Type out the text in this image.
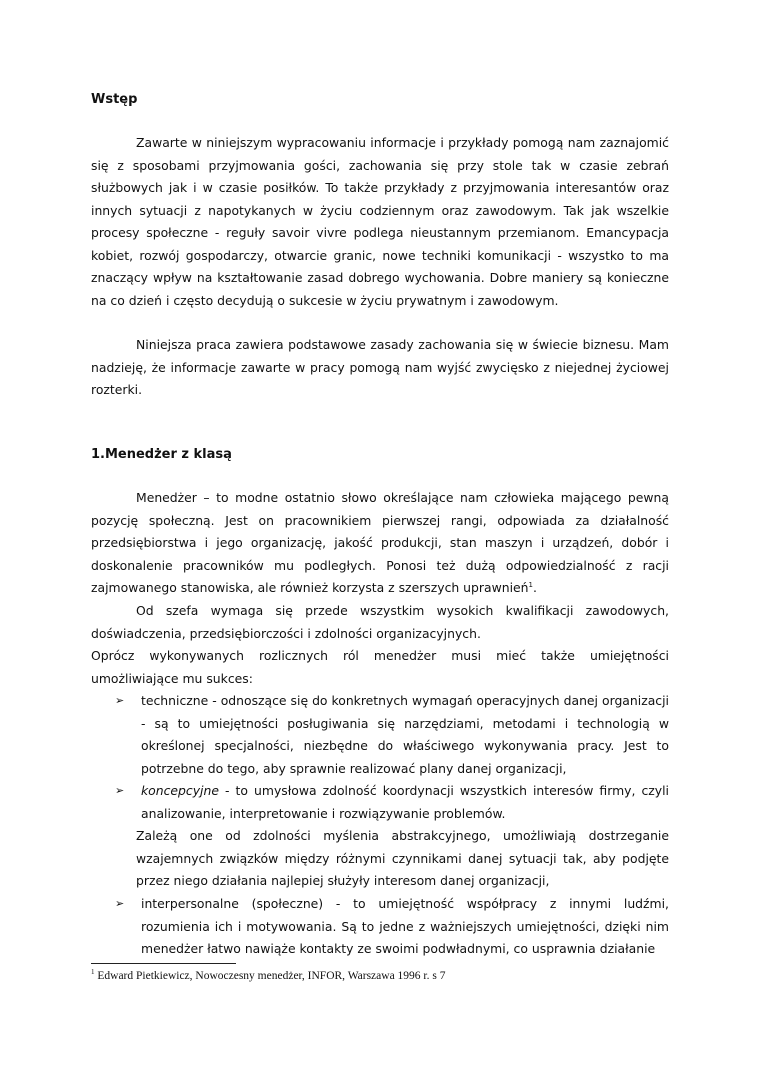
Wstęp

Zawarte w niniejszym wypracowaniu informacje i przykłady pomogą nam zaznajomić się z sposobami przyjmowania gości, zachowania się przy stole tak w czasie zebrań służbowych jak i w czasie posiłków. To także przykłady z przyjmowania interesantów oraz innych sytuacji z napotykanych w życiu codziennym oraz zawodowym. Tak jak wszelkie procesy społeczne - reguły savoir vivre podlega nieustannym przemianom. Emancypacja kobiet, rozwój gospodarczy, otwarcie granic, nowe techniki komunikacji - wszystko to ma znaczący wpływ na kształtowanie zasad dobrego wychowania. Dobre maniery są konieczne na co dzień i często decydują o sukcesie w życiu prywatnym i zawodowym.

Niniejsza praca zawiera podstawowe zasady zachowania się w świecie biznesu. Mam nadzieję, że informacje zawarte w pracy pomogą nam wyjść zwycięsko z niejednej życiowej rozterki.

1.Menedżer z klasą

Menedżer – to modne ostatnio słowo określające nam człowieka mającego pewną pozycję społeczną. Jest on pracownikiem pierwszej rangi, odpowiada za działalność przedsiębiorstwa i jego organizację, jakość produkcji, stan maszyn i urządzeń, dobór i doskonalenie pracowników mu podległych. Ponosi też dużą odpowiedzialność z racji zajmowanego stanowiska, ale również korzysta z szerszych uprawnień$^1$.

Od szefa wymaga się przede wszystkim wysokich kwalifikacji zawodowych, doświadczenia, przedsiębiorczości i zdolności organizacyjnych.

Oprócz wykonywanych rozlicznych ról menedżer musi mieć także umiejętności umożliwiające mu sukces:

➢ techniczne - odnoszące się do konkretnych wymagań operacyjnych danej organizacji - są to umiejętności posługiwania się narzędziami, metodami i technologią w określonej specjalności, niezbędne do właściwego wykonywania pracy. Jest to potrzebne do tego, aby sprawnie realizować plany danej organizacji,
➢ koncepcyjne - to umysłowa zdolność koordynacji wszystkich interesów firmy, czyli analizowanie, interpretowanie i rozwiązywanie problemów.

Zależą one od zdolności myślenia abstrakcyjnego, umożliwiają dostrzeganie wzajemnych związków między różnymi czynnikami danej sytuacji tak, aby podjęte przez niego działania najlepiej służyły interesom danej organizacji,

➢ interpersonalne (społeczne) - to umiejętność współpracy z innymi ludźmi, rozumienia ich i motywowania. Są to jedne z ważniejszych umiejętności, dzięki nim menedżer łatwo nawiąże kontakty ze swoimi podwładnymi, co usprawnia działanie
$^1$ Edward Pietkiewicz, Nowoczesny menedżer, INFOR, Warszawa 1996 r. s 7
